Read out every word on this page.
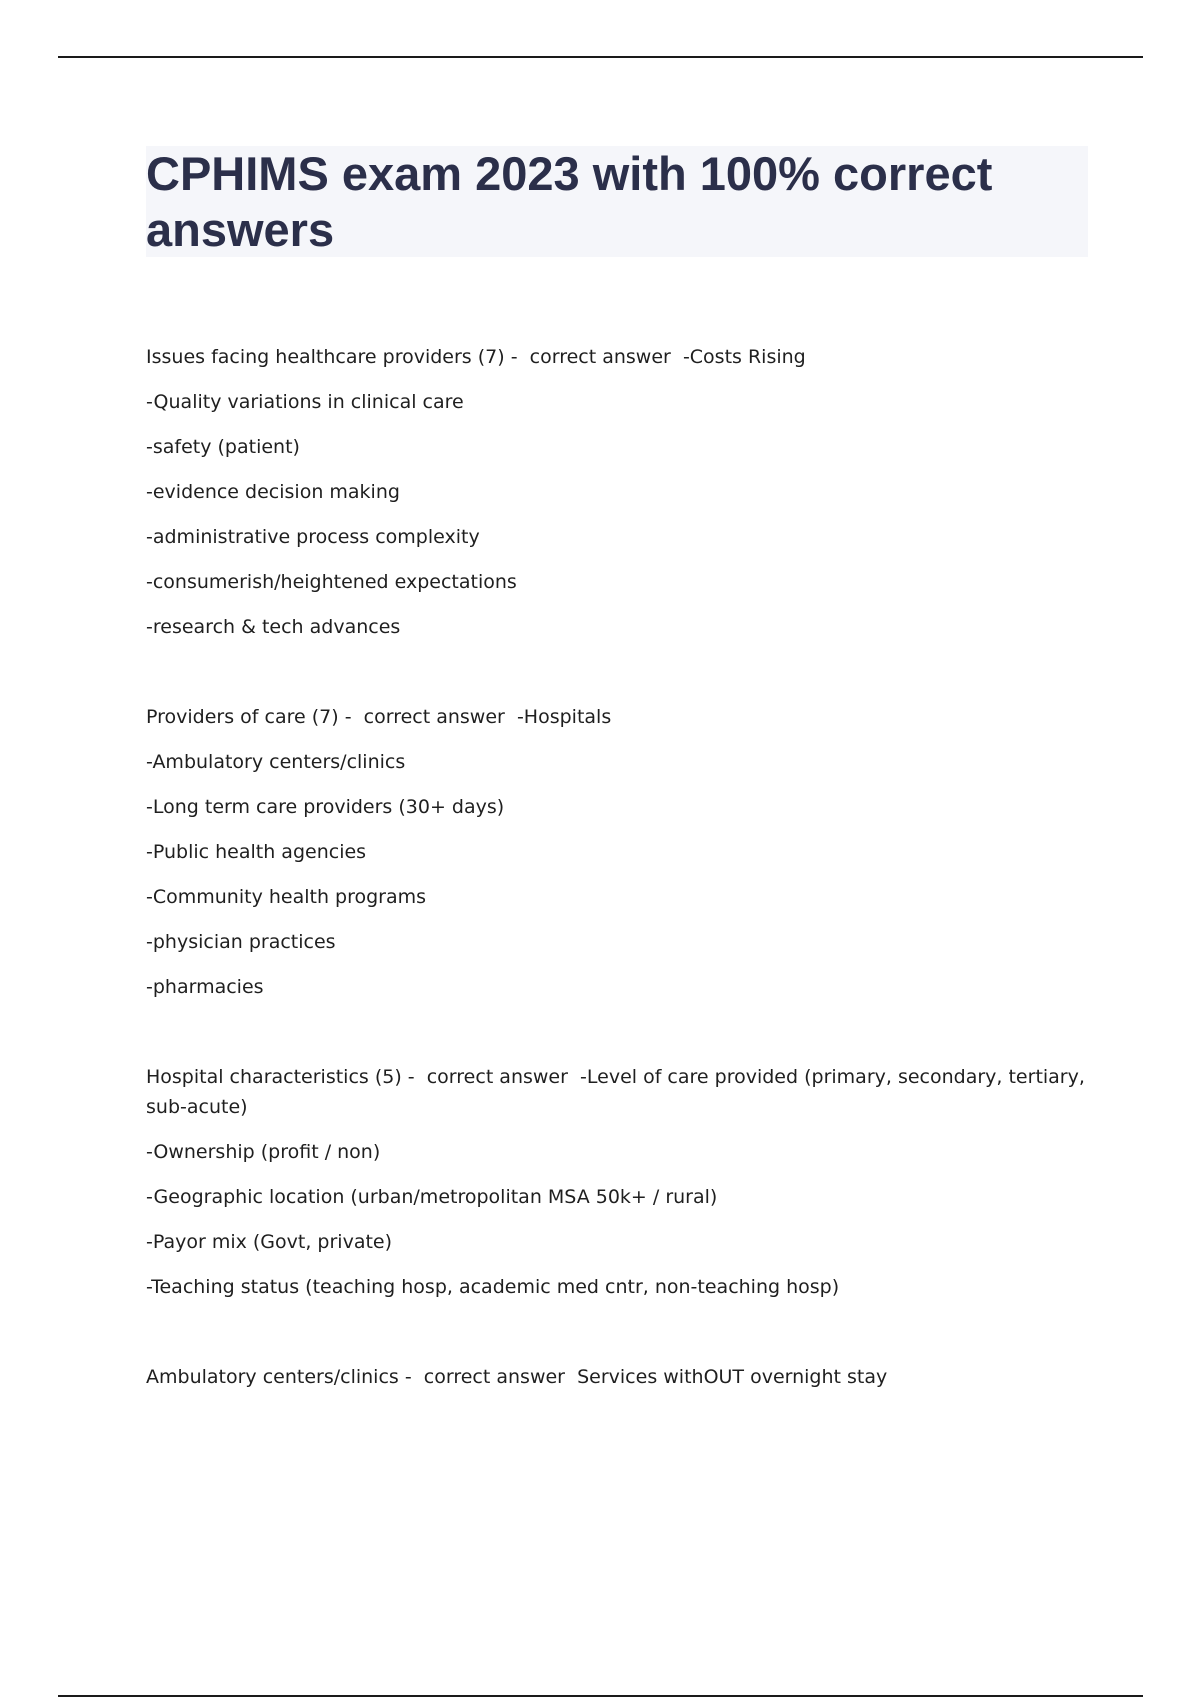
CPHIMS exam 2023 with 100% correct answers
Issues facing healthcare providers (7) -  correct answer -Costs Rising
-Quality variations in clinical care
-safety (patient)
-evidence decision making
-administrative process complexity
-consumerish/heightened expectations
-research & tech advances
Providers of care (7) -  correct answer -Hospitals
-Ambulatory centers/clinics
-Long term care providers (30+ days)
-Public health agencies
-Community health programs
-physician practices
-pharmacies
Hospital characteristics (5) -  correct answer -Level of care provided (primary, secondary, tertiary, sub-acute)
-Ownership (profit / non)
-Geographic location (urban/metropolitan MSA 50k+ / rural)
-Payor mix (Govt, private)
-Teaching status (teaching hosp, academic med cntr, non-teaching hosp)
Ambulatory centers/clinics -  correct answer Services withOUT overnight stay
